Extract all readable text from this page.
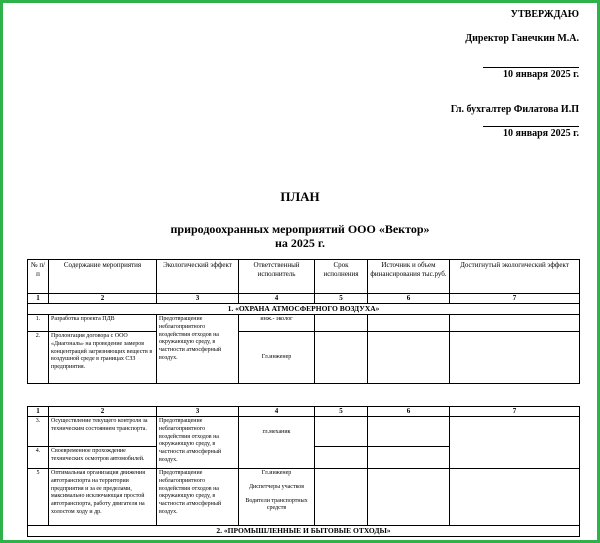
УТВЕРЖДАЮ
Директор Ганечкин М.А.
10 января 2025 г.
Гл. бухгалтер Филатова И.П
10 января 2025 г.
ПЛАН
природоохранных мероприятий ООО «Вектор»
на 2025 г.
№ п/п	Содержание мероприятия	Экологический эффект	Ответственный исполнитель	Срок исполнения	Источник и объем финансирования тыс.руб.	Достигнутый экологический эффект
1	2	3	4	5	6	7
1. «ОХРАНА АТМОСФЕРНОГО ВОЗДУХА»						
1.	Разработка проекта ПДВ	Предотвращение неблагоприятного воздействия отходов на окружающую среду, в частности атмосферный воздух.	инж.- эколог			
2.	Пролонгация договора с ООО «Диагональ» на проведение замеров концентраций загрязняющих веществ в воздушной среде в границах СЗЗ предприятия.		Гл.инженер			
1	2	3	4	5	6	7
3.	Осуществление текущего контроля за техническим состоянием транспорта.	Предотвращение неблагоприятного воздействия отходов на окружающую среду, в частности атмосферный воздух.	гл.механик			
4.	Своевременное прохождение технических осмотров автомобилей.					
5	Оптимальная организация движения автотранспорта на территории предприятия и за ее пределами, максимально исключающая простой автотранспорта, работу двигателя на холостом ходу и др.	Предотвращение неблагоприятного воздействия отходов на окружающую среду, в частности атмосферный воздух.	Гл.инженер
Диспетчеры участков
Водители транспортных средств			

2. «ПРОМЫШЛЕННЫЕ И БЫТОВЫЕ ОТХОДЫ»						
